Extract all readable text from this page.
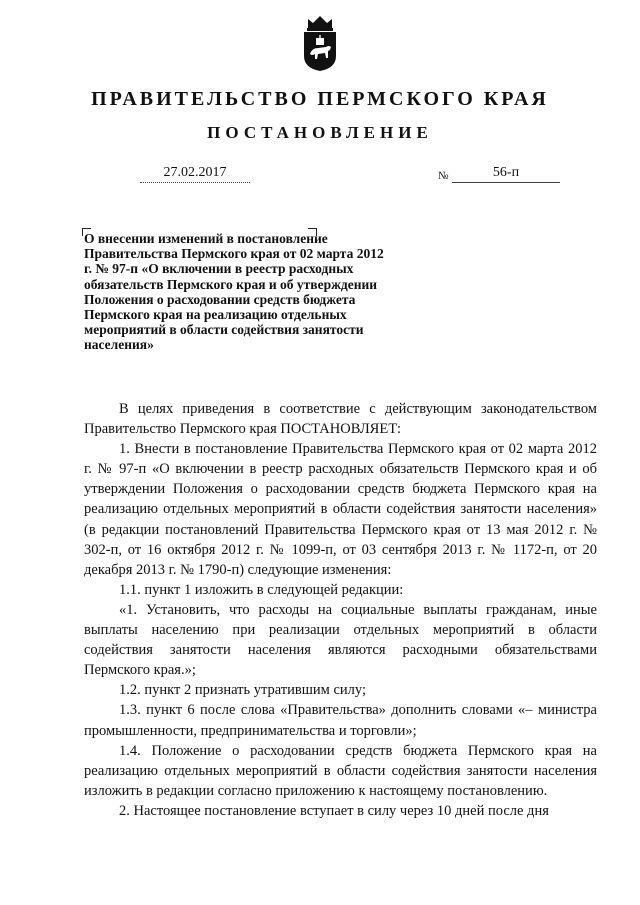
ПРАВИТЕЛЬСТВО ПЕРМСКОГО КРАЯ
ПОСТАНОВЛЕНИЕ
27.02.2017	№	56-п
О внесении изменений в постановление Правительства Пермского края от 02 марта 2012 г. № 97-п «О включении в реестр расходных обязательств Пермского края и об утверждении Положения о расходовании средств бюджета Пермского края на реализацию отдельных мероприятий в области содействия занятости населения»

В целях приведения в соответствие с действующим законодательством Правительство Пермского края ПОСТАНОВЛЯЕТ:

1. Внести в постановление Правительства Пермского края от 02 марта 2012 г. № 97-п «О включении в реестр расходных обязательств Пермского края и об утверждении Положения о расходовании средств бюджета Пермского края на реализацию отдельных мероприятий в области содействия занятости населения» (в редакции постановлений Правительства Пермского края от 13 мая 2012 г. № 302-п, от 16 октября 2012 г. № 1099-п, от 03 сентября 2013 г. № 1172-п, от 20 декабря 2013 г. № 1790-п) следующие изменения:

1.1. пункт 1 изложить в следующей редакции:

«1. Установить, что расходы на социальные выплаты гражданам, иные выплаты населению при реализации отдельных мероприятий в области содействия занятости населения являются расходными обязательствами Пермского края.»;

1.2. пункт 2 признать утратившим силу;

1.3. пункт 6 после слова «Правительства» дополнить словами «– министра промышленности, предпринимательства и торговли»;

1.4. Положение о расходовании средств бюджета Пермского края на реализацию отдельных мероприятий в области содействия занятости населения изложить в редакции согласно приложению к настоящему постановлению.

2. Настоящее постановление вступает в силу через 10 дней после дня
